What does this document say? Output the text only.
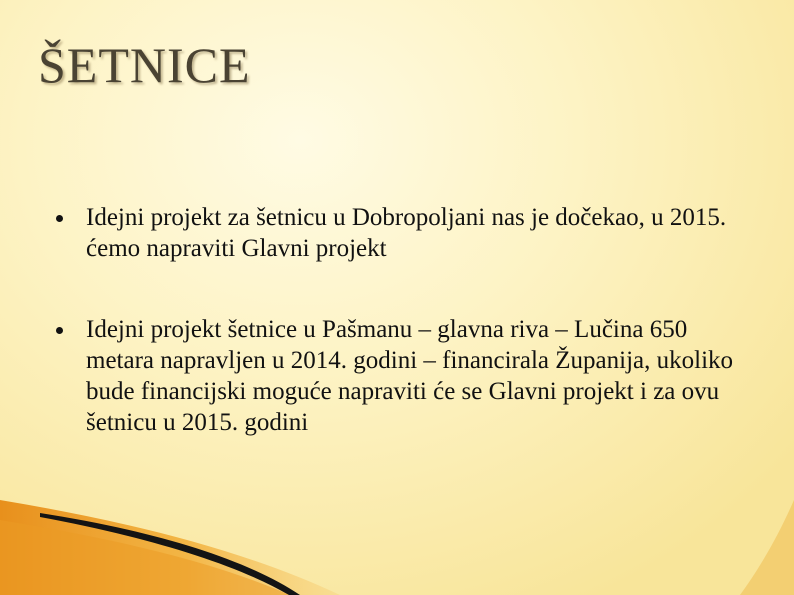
ŠETNICE
Idejni projekt za šetnicu u Dobropoljani nas je dočekao, u 2015. ćemo napraviti Glavni projekt
Idejni projekt šetnice u Pašmanu – glavna riva – Lučina 650 metara napravljen u 2014. godini – financirala Županija, ukoliko bude financijski moguće napraviti će se Glavni projekt i za ovu šetnicu u 2015. godini
